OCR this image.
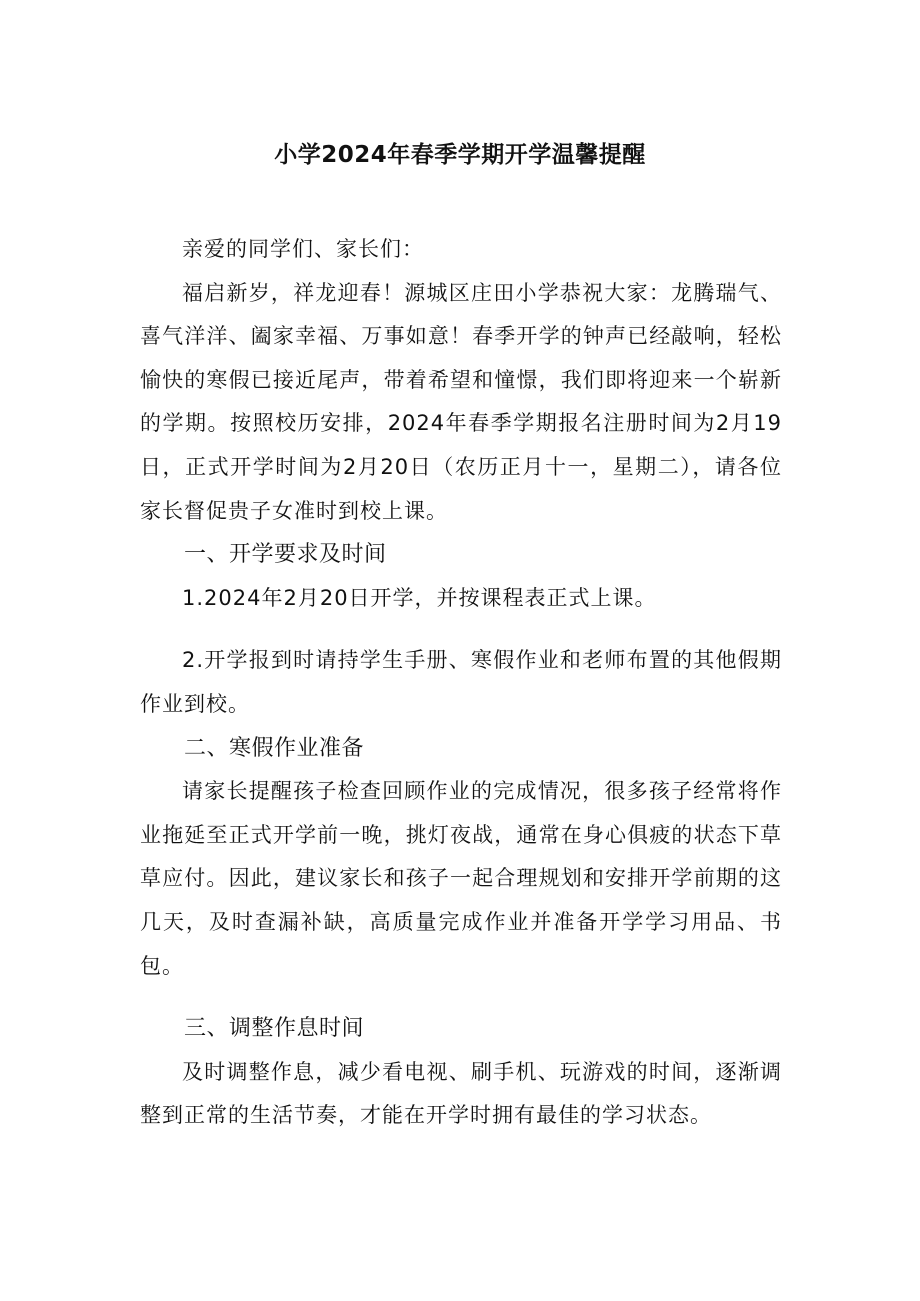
小学2024年春季学期开学温馨提醒

亲爱的同学们、家长们：

福启新岁，祥龙迎春！源城区庄田小学恭祝大家：龙腾瑞气、喜气洋洋、阖家幸福、万事如意！春季开学的钟声已经敲响，轻松愉快的寒假已接近尾声，带着希望和憧憬，我们即将迎来一个崭新的学期。按照校历安排，2024年春季学期报名注册时间为2月19日，正式开学时间为2月20日（农历正月十一，星期二），请各位家长督促贵子女准时到校上课。

一、开学要求及时间

1.2024年2月20日开学，并按课程表正式上课。

2.开学报到时请持学生手册、寒假作业和老师布置的其他假期作业到校。

二、寒假作业准备

请家长提醒孩子检查回顾作业的完成情况，很多孩子经常将作业拖延至正式开学前一晚，挑灯夜战，通常在身心俱疲的状态下草草应付。因此，建议家长和孩子一起合理规划和安排开学前期的这几天，及时查漏补缺，高质量完成作业并准备开学学习用品、书包。

三、调整作息时间

及时调整作息，减少看电视、刷手机、玩游戏的时间，逐渐调整到正常的生活节奏，才能在开学时拥有最佳的学习状态。
